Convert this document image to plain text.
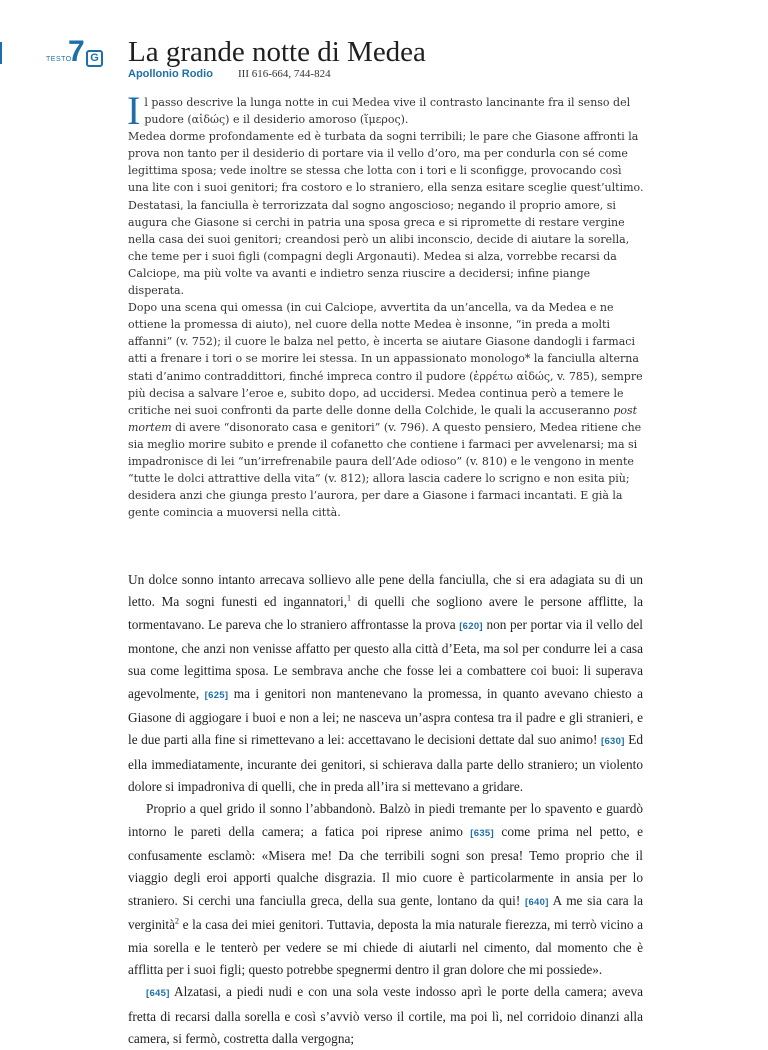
TESTO
7 G La grande notte di Medea
Apollonio Rodio III 616-664, 744-824

Il passo descrive la lunga notte in cui Medea vive il contrasto lancinante fra il senso del pudore (αἰδώς) e il desiderio amoroso (ἵμερος).

Medea dorme profondamente ed è turbata da sogni terribili; le pare che Giasone affronti la prova non tanto per il desiderio di portare via il vello d’oro, ma per condurla con sé come legittima sposa; vede inoltre se stessa che lotta con i tori e li sconfigge, provocando così una lite con i suoi genitori; fra costoro e lo straniero, ella senza esitare sceglie quest’ultimo. Destatasi, la fanciulla è terrorizzata dal sogno angoscioso; negando il proprio amore, si augura che Giasone si cerchi in patria una sposa greca e si ripromette di restare vergine nella casa dei suoi genitori; creandosi però un alibi inconscio, decide di aiutare la sorella, che teme per i suoi figli (compagni degli Argonauti). Medea si alza, vorrebbe recarsi da Calciope, ma più volte va avanti e indietro senza riuscire a decidersi; infine piange disperata.

Dopo una scena qui omessa (in cui Calciope, avvertita da un’ancella, va da Medea e ne ottiene la promessa di aiuto), nel cuore della notte Medea è insonne, “in preda a molti affanni” (v. 752); il cuore le balza nel petto, è incerta se aiutare Giasone dandogli i farmaci atti a frenare i tori o se morire lei stessa. In un appassionato monologo* la fanciulla alterna stati d’animo contraddittori, finché impreca contro il pudore (ἐρρέτω αἰδώς, v. 785), sempre più decisa a salvare l’eroe e, subito dopo, ad uccidersi. Medea continua però a temere le critiche nei suoi confronti da parte delle donne della Colchide, le quali la accuseranno post mortem di avere “disonorato casa e genitori” (v. 796). A questo pensiero, Medea ritiene che sia meglio morire subito e prende il cofanetto che contiene i farmaci per avvelenarsi; ma si impadronisce di lei “un’irrefrenabile paura dell’Ade odioso” (v. 810) e le vengono in mente “tutte le dolci attrattive della vita” (v. 812); allora lascia cadere lo scrigno e non esita più; desidera anzi che giunga presto l’aurora, per dare a Giasone i farmaci incantati. E già la gente comincia a muoversi nella città.

Un dolce sonno intanto arrecava sollievo alle pene della fanciulla, che si era adagiata su di un letto. Ma sogni funesti ed ingannatori,$^1$ di quelli che sogliono avere le persone afflitte, la tormentavano. Le pareva che lo straniero affrontasse la prova [620] non per portar via il vello del montone, che anzi non venisse affatto per questo alla città d’Eeta, ma sol per condurre lei a casa sua come legittima sposa. Le sembrava anche che fosse lei a combattere coi buoi: li superava agevolmente, [625] ma i genitori non mantenevano la promessa, in quanto avevano chiesto a Giasone di aggiogare i buoi e non a lei; ne nasceva un’aspra contesa tra il padre e gli stranieri, e le due parti alla fine si rimettevano a lei: accettavano le decisioni dettate dal suo animo! [630] Ed ella immediatamente, incurante dei genitori, si schierava dalla parte dello straniero; un violento dolore si impadroniva di quelli, che in preda all’ira si mettevano a gridare.

Proprio a quel grido il sonno l’abbandonò. Balzò in piedi tremante per lo spavento e guardò intorno le pareti della camera; a fatica poi riprese animo [635] come prima nel petto, e confusamente esclamò: «Misera me! Da che terribili sogni son presa! Temo proprio che il viaggio degli eroi apporti qualche disgrazia. Il mio cuore è particolarmente in ansia per lo straniero. Si cerchi una fanciulla greca, della sua gente, lontano da qui! [640] A me sia cara la verginità$^2$ e la casa dei miei genitori. Tuttavia, deposta la mia naturale fierezza, mi terrò vicino a mia sorella e le tenterò per vedere se mi chiede di aiutarli nel cimento, dal momento che è afflitta per i suoi figli; questo potrebbe spegnermi dentro il gran dolore che mi possiede».

[645] Alzatasi, a piedi nudi e con una sola veste indosso aprì le porte della camera; aveva fretta di recarsi dalla sorella e così s’avviò verso il cortile, ma poi lì, nel corridoio dinanzi alla camera, si fermò, costretta dalla vergogna;
